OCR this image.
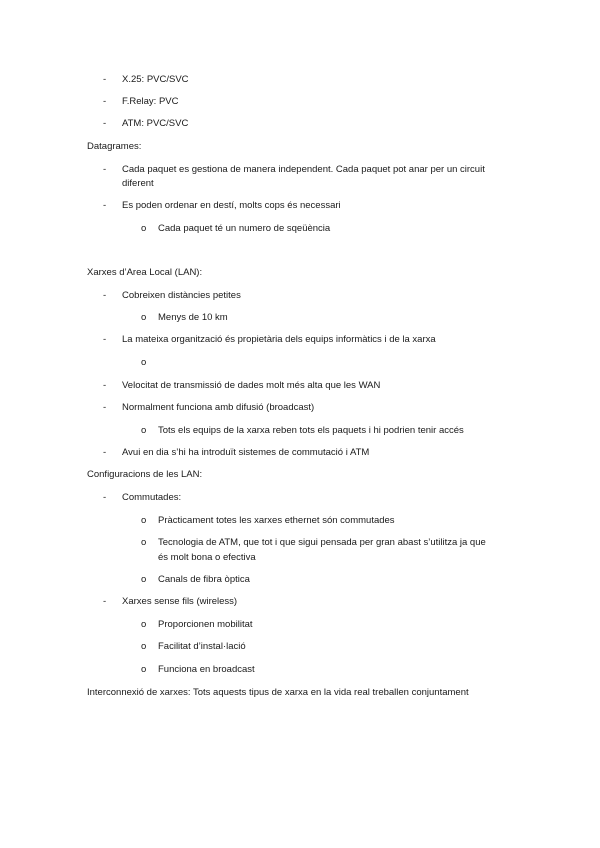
- X.25: PVC/SVC
- F.Relay: PVC
- ATM: PVC/SVC
Datagrames:
- Cada paquet es gestiona de manera independent. Cada paquet pot anar per un circuit
diferent
- Es poden ordenar en destí, molts cops és necessari
o Cada paquet té un numero de sqeüència
Xarxes d’Area Local (LAN):
- Cobreixen distàncies petites
o Menys de 10 km
- La mateixa organització és propietària dels equips informàtics i de la xarxa
o
- Velocitat de transmissió de dades molt més alta que les WAN
- Normalment funciona amb difusió (broadcast)
o Tots els equips de la xarxa reben tots els paquets i hi podrien tenir accés
- Avui en dia s’hi ha introduït sistemes de commutació i ATM
Configuracions de les LAN:
- Commutades:
o Pràcticament totes les xarxes ethernet són commutades
o Tecnologia de ATM, que tot i que sigui pensada per gran abast s’utilitza ja que
és molt bona o efectiva
o Canals de fibra òptica
- Xarxes sense fils (wireless)
o Proporcionen mobilitat
o Facilitat d’instal·lació
o Funciona en broadcast
Interconnexió de xarxes: Tots aquests tipus de xarxa en la vida real treballen conjuntament
